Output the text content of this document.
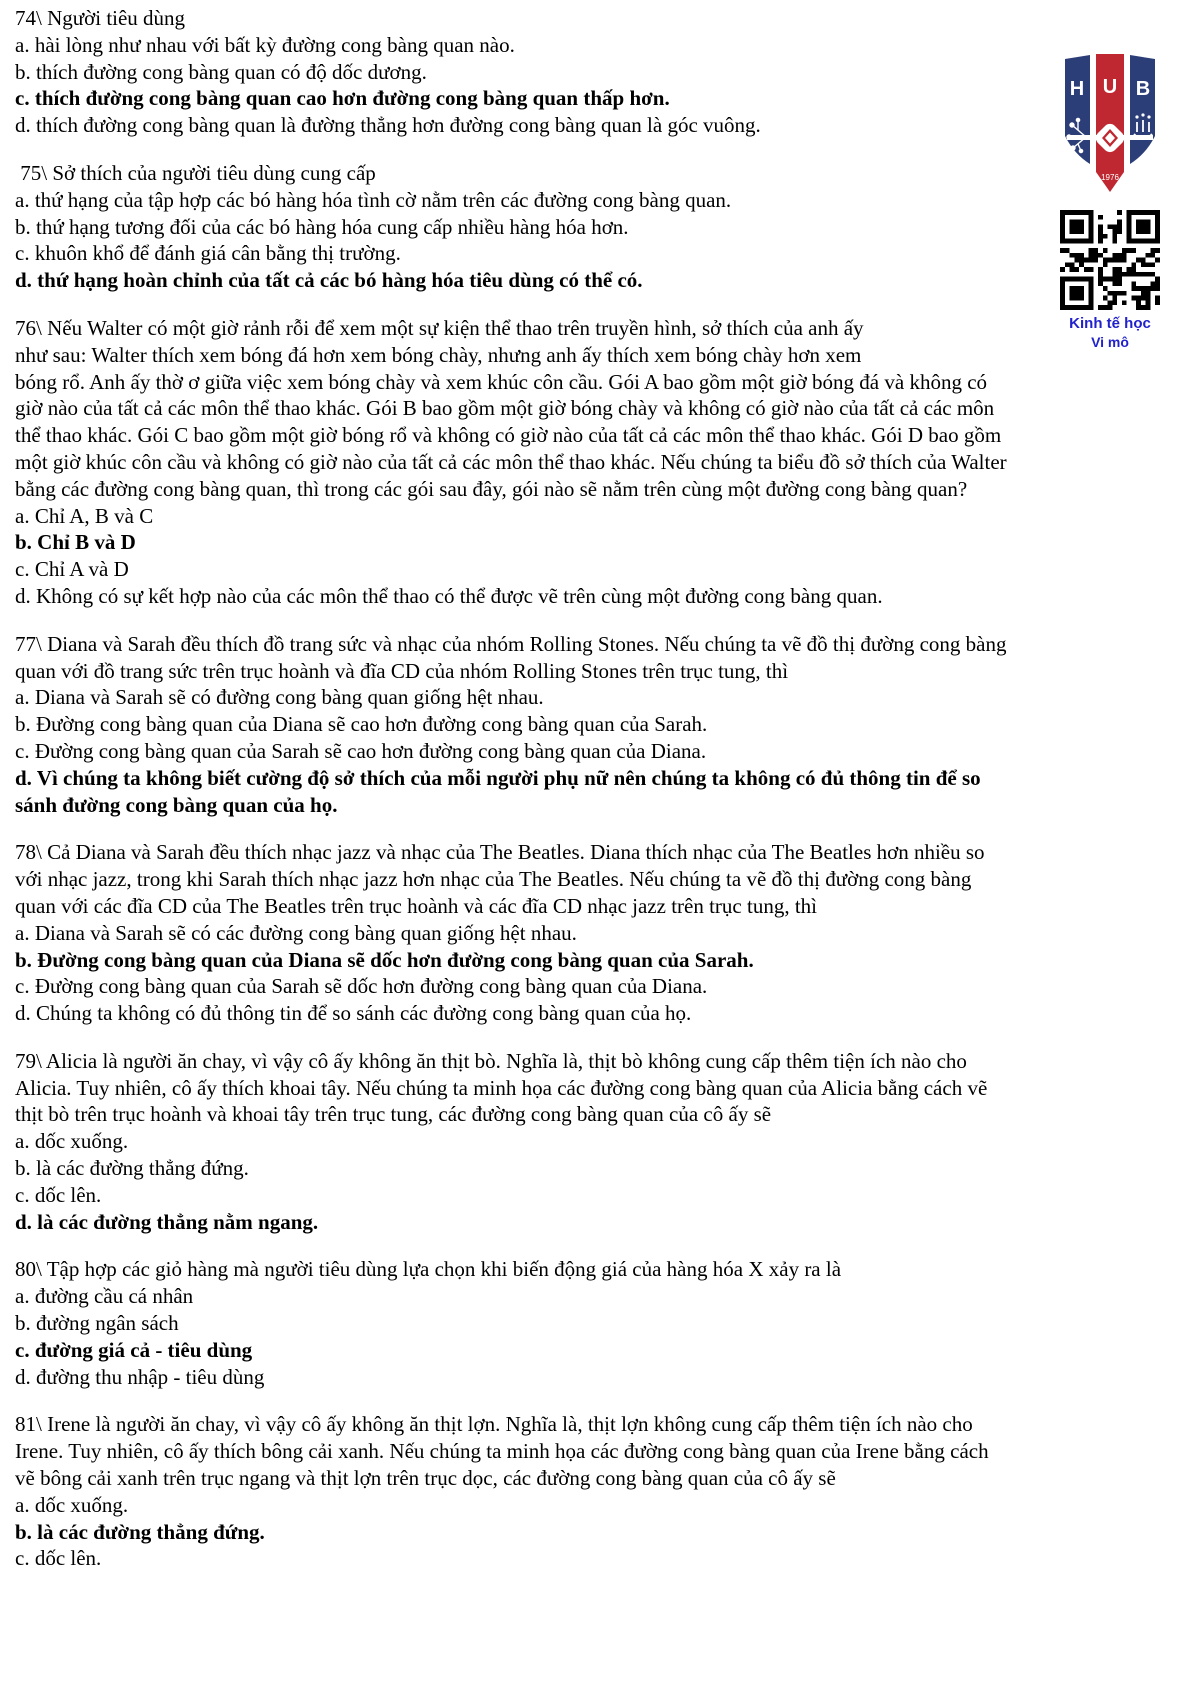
74\ Người tiêu dùng
a. hài lòng như nhau với bất kỳ đường cong bàng quan nào.
b. thích đường cong bàng quan có độ dốc dương.
c. thích đường cong bàng quan cao hơn đường cong bàng quan thấp hơn.
d. thích đường cong bàng quan là đường thẳng hơn đường cong bàng quan là góc vuông.
75\ Sở thích của người tiêu dùng cung cấp
a. thứ hạng của tập hợp các bó hàng hóa tình cờ nằm trên các đường cong bàng quan.
b. thứ hạng tương đối của các bó hàng hóa cung cấp nhiều hàng hóa hơn.
c. khuôn khổ để đánh giá cân bằng thị trường.
d. thứ hạng hoàn chỉnh của tất cả các bó hàng hóa tiêu dùng có thể có.
76\ Nếu Walter có một giờ rảnh rỗi để xem một sự kiện thể thao trên truyền hình, sở thích của anh ấy
như sau: Walter thích xem bóng đá hơn xem bóng chày, nhưng anh ấy thích xem bóng chày hơn xem
bóng rổ. Anh ấy thờ ơ giữa việc xem bóng chày và xem khúc côn cầu. Gói A bao gồm một giờ bóng đá và không có
giờ nào của tất cả các môn thể thao khác. Gói B bao gồm một giờ bóng chày và không có giờ nào của tất cả các môn
thể thao khác. Gói C bao gồm một giờ bóng rổ và không có giờ nào của tất cả các môn thể thao khác. Gói D bao gồm
một giờ khúc côn cầu và không có giờ nào của tất cả các môn thể thao khác. Nếu chúng ta biểu đồ sở thích của Walter
bằng các đường cong bàng quan, thì trong các gói sau đây, gói nào sẽ nằm trên cùng một đường cong bàng quan?
a. Chỉ A, B và C
b. Chỉ B và D
c. Chỉ A và D
d. Không có sự kết hợp nào của các môn thể thao có thể được vẽ trên cùng một đường cong bàng quan.
77\ Diana và Sarah đều thích đồ trang sức và nhạc của nhóm Rolling Stones. Nếu chúng ta vẽ đồ thị đường cong bàng
quan với đồ trang sức trên trục hoành và đĩa CD của nhóm Rolling Stones trên trục tung, thì
a. Diana và Sarah sẽ có đường cong bàng quan giống hệt nhau.
b. Đường cong bàng quan của Diana sẽ cao hơn đường cong bàng quan của Sarah.
c. Đường cong bàng quan của Sarah sẽ cao hơn đường cong bàng quan của Diana.
d. Vì chúng ta không biết cường độ sở thích của mỗi người phụ nữ nên chúng ta không có đủ thông tin để so
sánh đường cong bàng quan của họ.
78\ Cả Diana và Sarah đều thích nhạc jazz và nhạc của The Beatles. Diana thích nhạc của The Beatles hơn nhiều so
với nhạc jazz, trong khi Sarah thích nhạc jazz hơn nhạc của The Beatles. Nếu chúng ta vẽ đồ thị đường cong bàng
quan với các đĩa CD của The Beatles trên trục hoành và các đĩa CD nhạc jazz trên trục tung, thì
a. Diana và Sarah sẽ có các đường cong bàng quan giống hệt nhau.
b. Đường cong bàng quan của Diana sẽ dốc hơn đường cong bàng quan của Sarah.
c. Đường cong bàng quan của Sarah sẽ dốc hơn đường cong bàng quan của Diana.
d. Chúng ta không có đủ thông tin để so sánh các đường cong bàng quan của họ.
79\ Alicia là người ăn chay, vì vậy cô ấy không ăn thịt bò. Nghĩa là, thịt bò không cung cấp thêm tiện ích nào cho
Alicia. Tuy nhiên, cô ấy thích khoai tây. Nếu chúng ta minh họa các đường cong bàng quan của Alicia bằng cách vẽ
thịt bò trên trục hoành và khoai tây trên trục tung, các đường cong bàng quan của cô ấy sẽ
a. dốc xuống.
b. là các đường thẳng đứng.
c. dốc lên.
d. là các đường thẳng nằm ngang.
80\ Tập hợp các giỏ hàng mà người tiêu dùng lựa chọn khi biến động giá của hàng hóa X xảy ra là
a. đường cầu cá nhân
b. đường ngân sách
c. đường giá cả - tiêu dùng
d. đường thu nhập - tiêu dùng
81\ Irene là người ăn chay, vì vậy cô ấy không ăn thịt lợn. Nghĩa là, thịt lợn không cung cấp thêm tiện ích nào cho
Irene. Tuy nhiên, cô ấy thích bông cải xanh. Nếu chúng ta minh họa các đường cong bàng quan của Irene bằng cách
vẽ bông cải xanh trên trục ngang và thịt lợn trên trục dọc, các đường cong bàng quan của cô ấy sẽ
a. dốc xuống.
b. là các đường thẳng đứng.
c. dốc lên.
H U B
1976
Kinh tế học
Vi mô
